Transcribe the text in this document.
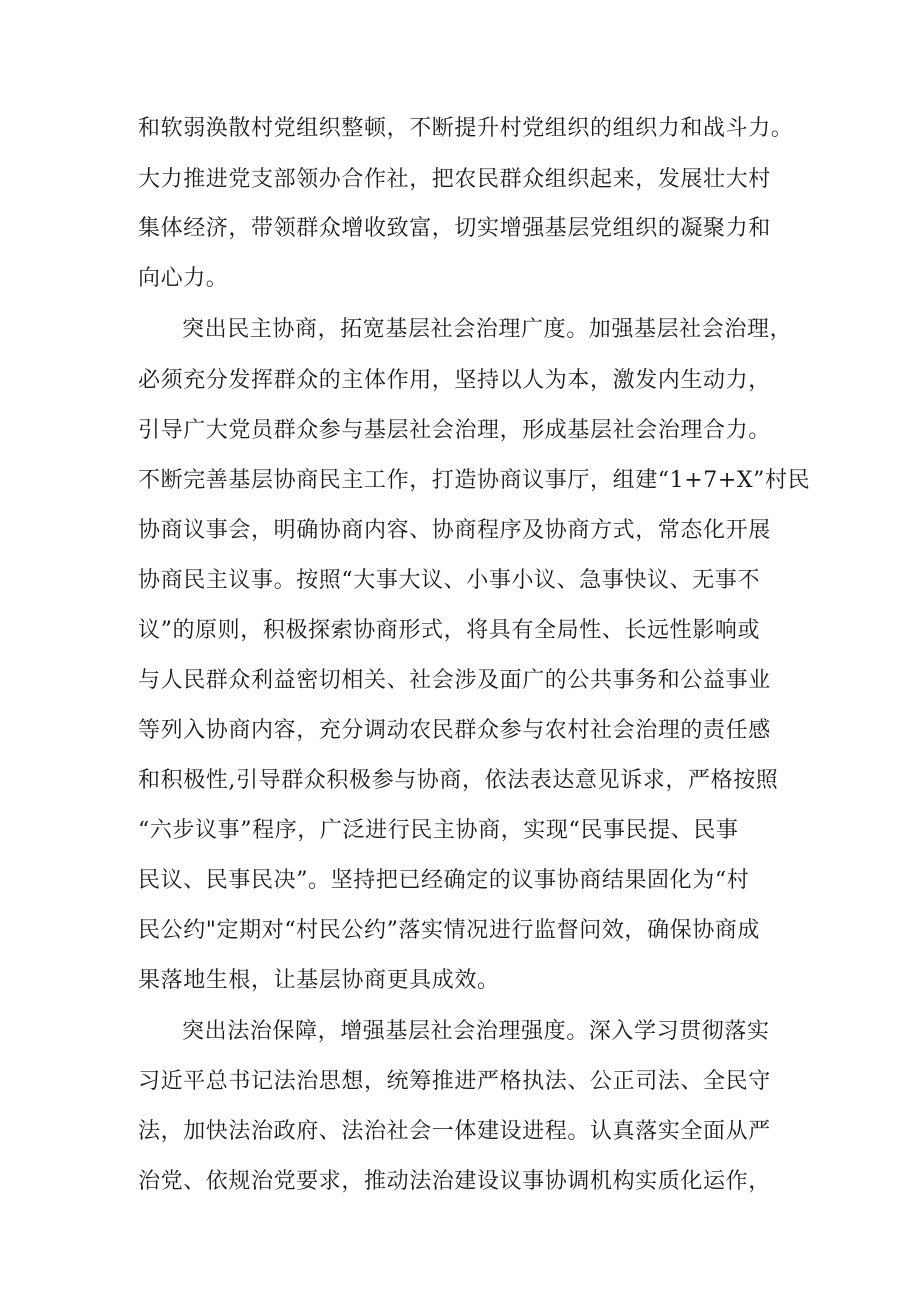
和软弱涣散村党组织整顿，不断提升村党组织的组织力和战斗力。
大力推进党支部领办合作社，把农民群众组织起来，发展壮大村
集体经济，带领群众增收致富，切实增强基层党组织的凝聚力和
向心力。
突出民主协商，拓宽基层社会治理广度。加强基层社会治理，
必须充分发挥群众的主体作用，坚持以人为本，激发内生动力，
引导广大党员群众参与基层社会治理，形成基层社会治理合力。
不断完善基层协商民主工作，打造协商议事厅，组建“1+7+X”村民
协商议事会，明确协商内容、协商程序及协商方式，常态化开展
协商民主议事。按照“大事大议、小事小议、急事快议、无事不
议”的原则，积极探索协商形式，将具有全局性、长远性影响或
与人民群众利益密切相关、社会涉及面广的公共事务和公益事业
等列入协商内容，充分调动农民群众参与农村社会治理的责任感
和积极性,引导群众积极参与协商，依法表达意见诉求，严格按照
“六步议事”程序，广泛进行民主协商，实现“民事民提、民事
民议、民事民决”。坚持把已经确定的议事协商结果固化为“村
民公约"定期对“村民公约”落实情况进行监督问效，确保协商成
果落地生根，让基层协商更具成效。
突出法治保障，增强基层社会治理强度。深入学习贯彻落实
习近平总书记法治思想，统筹推进严格执法、公正司法、全民守
法，加快法治政府、法治社会一体建设进程。认真落实全面从严
治党、依规治党要求，推动法治建设议事协调机构实质化运作，
